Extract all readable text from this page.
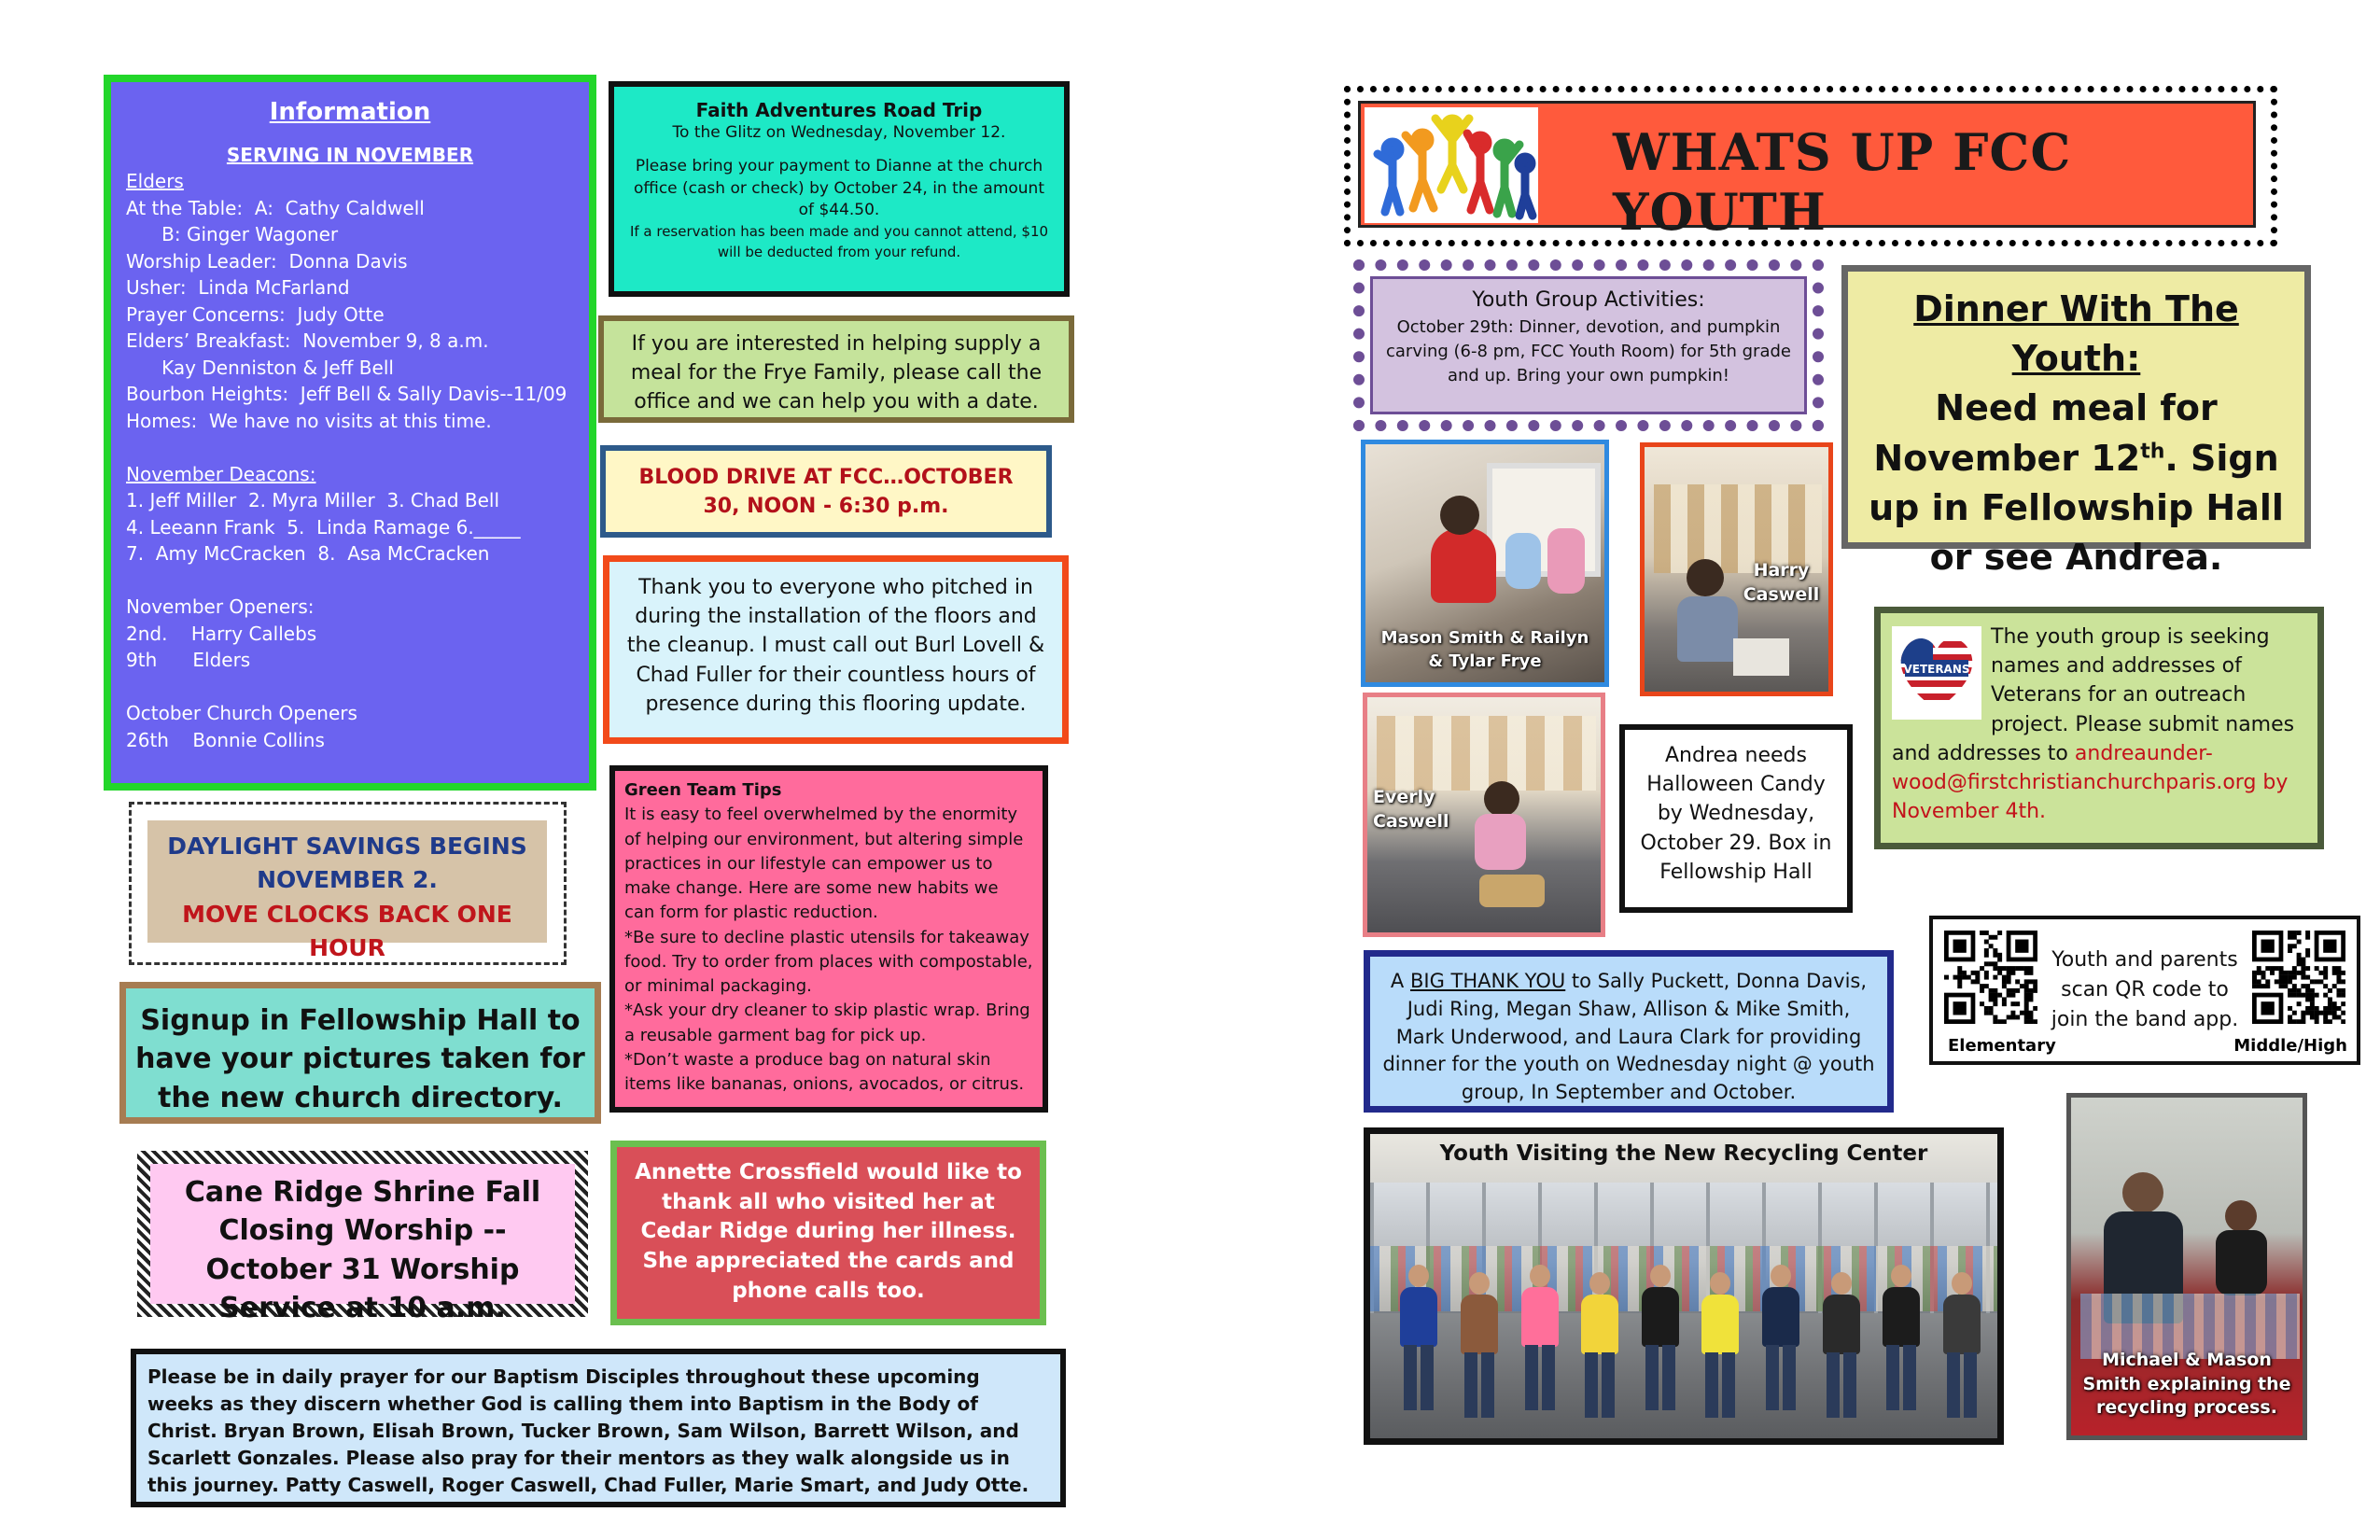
Information
SERVING IN NOVEMBER
Elders
At the Table:  A:  Cathy Caldwell
B: Ginger Wagoner
Worship Leader:  Donna Davis
Usher:  Linda McFarland
Prayer Concerns:  Judy Otte
Elders’ Breakfast:  November 9, 8 a.m.
Kay Denniston & Jeff Bell
Bourbon Heights:  Jeff Bell & Sally Davis--11/09
Homes:  We have no visits at this time.

November Deacons:
1. Jeff Miller  2. Myra Miller  3. Chad Bell
4. Leeann Frank  5.  Linda Ramage 6._____
7.  Amy McCracken  8.  Asa McCracken

November Openers:
2nd.    Harry Callebs
9th      Elders

October Church Openers
26th    Bonnie Collins
Faith Adventures Road Trip
To the Glitz on Wednesday, November 12.
Please bring your payment to Dianne at the church office (cash or check) by October 24, in the amount of $44.50.
If a reservation has been made and you cannot attend, $10 will be deducted from your refund.
If you are interested in helping supply a meal for the Frye Family, please call the office and we can help you with a date.
BLOOD DRIVE AT FCC…OCTOBER 30, NOON - 6:30 p.m.
Thank you to everyone who pitched in during the installation of the floors and the cleanup. I must call out Burl Lovell & Chad Fuller for their countless hours of presence during this flooring update.
DAYLIGHT SAVINGS BEGINS NOVEMBER 2.
MOVE CLOCKS BACK ONE HOUR
Green Team Tips
It is easy to feel overwhelmed by the enormity of helping our environment, but altering simple practices in our lifestyle can empower us to make change. Here are some new habits we can form for plastic reduction.
*Be sure to decline plastic utensils for takeaway food. Try to order from places with compostable, or minimal packaging.
*Ask your dry cleaner to skip plastic wrap. Bring a reusable garment bag for pick up.
*Don’t waste a produce bag on natural skin items like bananas, onions, avocados, or citrus.
Signup in Fellowship Hall to have your pictures taken for the new church directory.
Cane Ridge Shrine Fall Closing Worship -- October 31 Worship Service at 10 a.m.
Annette Crossfield would like to thank all who visited her at Cedar Ridge during her illness. She appreciated the cards and phone calls too.
Please be in daily prayer for our Baptism Disciples throughout these upcoming weeks as they discern whether God is calling them into Baptism in the Body of Christ. Bryan Brown, Elisah Brown, Tucker Brown, Sam Wilson, Barrett Wilson, and Scarlett Gonzales. Please also pray for their mentors as they walk alongside us in this journey. Patty Caswell, Roger Caswell, Chad Fuller, Marie Smart, and Judy Otte.
WHATS UP FCC YOUTH
Youth Group Activities:
October 29th: Dinner, devotion, and pumpkin carving (6-8 pm, FCC Youth Room) for 5th grade and up. Bring your own pumpkin!
Dinner With The Youth:
Need meal for November 12th. Sign up in Fellowship Hall or see Andrea.
Mason Smith & Railyn & Tylar Frye
Harry Caswell
Everly Caswell
Andrea needs Halloween Candy by Wednesday, October 29. Box in Fellowship Hall
VETERANS
The youth group is seeking names and addresses of Veterans for an outreach project. Please submit names and addresses to andreaunder-wood@firstchristianchurchparis.org by November 4th.
Youth and parents scan QR code to join the band app.
Elementary	Middle/High
A BIG THANK YOU to Sally Puckett, Donna Davis, Judi Ring, Megan Shaw, Allison & Mike Smith, Mark Underwood, and Laura Clark for providing dinner for the youth on Wednesday night @ youth group, In September and October.
Youth Visiting the New Recycling Center
Michael & Mason Smith explaining the recycling process.
